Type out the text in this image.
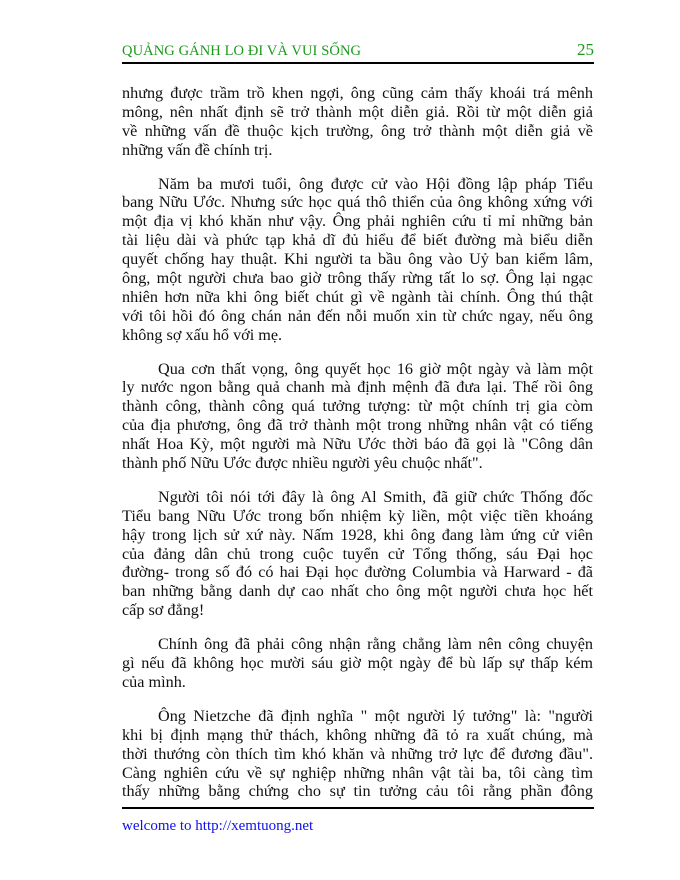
QUẢNG GÁNH LO ĐI VÀ VUI SỐNG	25
nhưng được trầm trồ khen ngợi, ông cũng cảm thấy khoái trá mênh
mông, nên nhất định sẽ trở thành một diễn giả. Rồi từ một diễn giả
về những vấn đề thuộc kịch trường, ông trở thành một diễn giả về
những vấn đề chính trị.
Năm ba mươi tuổi, ông được cử vào Hội đồng lập pháp Tiểu
bang Nữu Ước. Nhưng sức học quá thô thiển của ông không xứng với
một địa vị khó khăn như vậy. Ông phải nghiên cứu tỉ mỉ những bản
tài liệu dài và phức tạp khả dĩ đủ hiểu để biết đường mà biểu diễn
quyết chống hay thuật. Khi người ta bầu ông vào Uỷ ban kiểm lâm,
ông, một người chưa bao giờ trông thấy rừng tất lo sợ. Ông lại ngạc
nhiên hơn nữa khi ông biết chút gì về ngành tài chính. Ông thú thật
với tôi hồi đó ông chán nản đến nỗi muốn xin từ chức ngay, nếu ông
không sợ xấu hổ với mẹ.
Qua cơn thất vọng, ông quyết học 16 giờ một ngày và làm một
ly nước ngon bằng quả chanh mà định mệnh đã đưa lại. Thế rồi ông
thành công, thành công quá tưởng tượng: từ một chính trị gia còm
của địa phương, ông đã trở thành một trong những nhân vật có tiếng
nhất Hoa Kỳ, một người mà Nữu Ước thời báo đã gọi là "Công dân
thành phố Nữu Ước được nhiều người yêu chuộc nhất".
Người tôi nói tới đây là ông Al Smith, đã giữ chức Thống đốc
Tiểu bang Nữu Ước trong bốn nhiệm kỳ liền, một việc tiền khoáng
hậy trong lịch sử xứ này. Nấm 1928, khi ông đang làm ứng cử viên
của đảng dân chủ trong cuộc tuyển cử Tổng thống, sáu Đại học
đường- trong số đó có hai Đại học đường Columbia và Harward - đã
ban những bằng danh dự cao nhất cho ông một người chưa học hết
cấp sơ đẳng!
Chính ông đã phải công nhận rằng chẳng làm nên công chuyện
gì nếu đã không học mười sáu giờ một ngày để bù lấp sự thấp kém
của mình.
Ông Nietzche đã định nghĩa " một người lý tưởng" là: "người
khi bị định mạng thử thách, không những đã tỏ ra xuất chúng, mà
thời thướng còn thích tìm khó khăn và những trở lực để đương đầu".
Càng nghiên cứu về sự nghiệp những nhân vật tài ba, tôi càng tìm
thấy những bằng chứng cho sự tin tưởng cảu tôi rằng phần đông
welcome to http://xemtuong.net
